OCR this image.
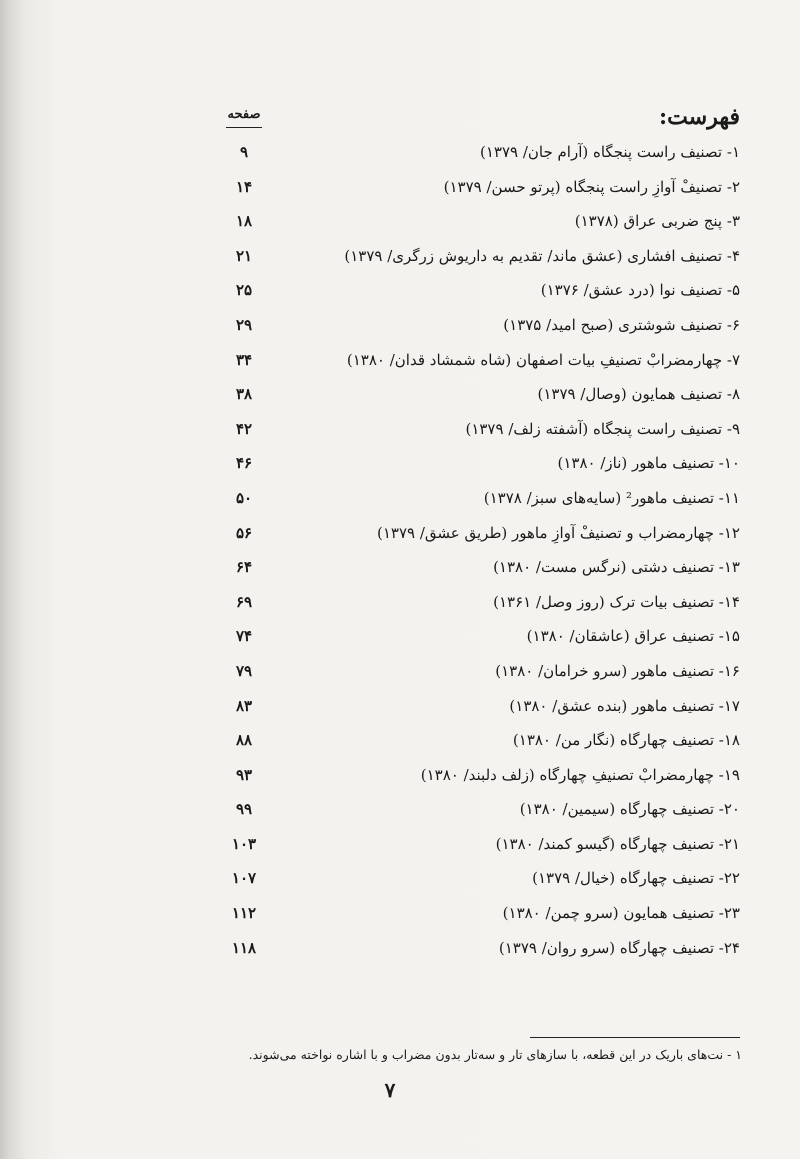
فهرست:
صفحه
۱- تصنیف راست پنجگاه (آرام جان/ ۱۳۷۹)
۹
۲- تصنیفْ آوازِ راست پنجگاه (پرتو حسن/ ۱۳۷۹)
۱۴
۳- پنج ضربی عراق (۱۳۷۸)
۱۸
۴- تصنیف افشاری (عشق ماند/ تقدیم به داریوش زرگری/ ۱۳۷۹)
۲۱
۵- تصنیف نوا (درد عشق/ ۱۳۷۶)
۲۵
۶- تصنیف شوشتری (صبح امید/ ۱۳۷۵)
۲۹
۷- چهارمضرابْ تصنیفِ بیات اصفهان (شاه شمشاد قدان/ ۱۳۸۰)
۳۴
۸- تصنیف همایون (وصال/ ۱۳۷۹)
۳۸
۹- تصنیف راست پنجگاه (آشفته زلف/ ۱۳۷۹)
۴۲
۱۰- تصنیف ماهور (ناز/ ۱۳۸۰)
۴۶
۱۱- تصنیف ماهور² (سایه‌های سبز/ ۱۳۷۸)
۵۰
۱۲- چهارمضراب و تصنیفْ آوازِ ماهور (طریق عشق/ ۱۳۷۹)
۵۶
۱۳- تصنیف دشتی (نرگس مست/ ۱۳۸۰)
۶۴
۱۴- تصنیف بیات ترک (روز وصل/ ۱۳۶۱)
۶۹
۱۵- تصنیف عراق (عاشقان/ ۱۳۸۰)
۷۴
۱۶- تصنیف ماهور (سرو خرامان/ ۱۳۸۰)
۷۹
۱۷- تصنیف ماهور (بنده عشق/ ۱۳۸۰)
۸۳
۱۸- تصنیف چهارگاه (نگار من/ ۱۳۸۰)
۸۸
۱۹- چهارمضرابْ تصنیفِ چهارگاه (زلف دلبند/ ۱۳۸۰)
۹۳
۲۰- تصنیف چهارگاه (سیمین/ ۱۳۸۰)
۹۹
۲۱- تصنیف چهارگاه (گیسو کمند/ ۱۳۸۰)
۱۰۳
۲۲- تصنیف چهارگاه (خیال/ ۱۳۷۹)
۱۰۷
۲۳- تصنیف همایون (سرو چمن/ ۱۳۸۰)
۱۱۲
۲۴- تصنیف چهارگاه (سرو روان/ ۱۳۷۹)
۱۱۸
۱ - نت‌های باریک در این قطعه، با سازهای تار و سه‌تار بدون مضراب و با اشاره نواخته می‌شوند.
۷
